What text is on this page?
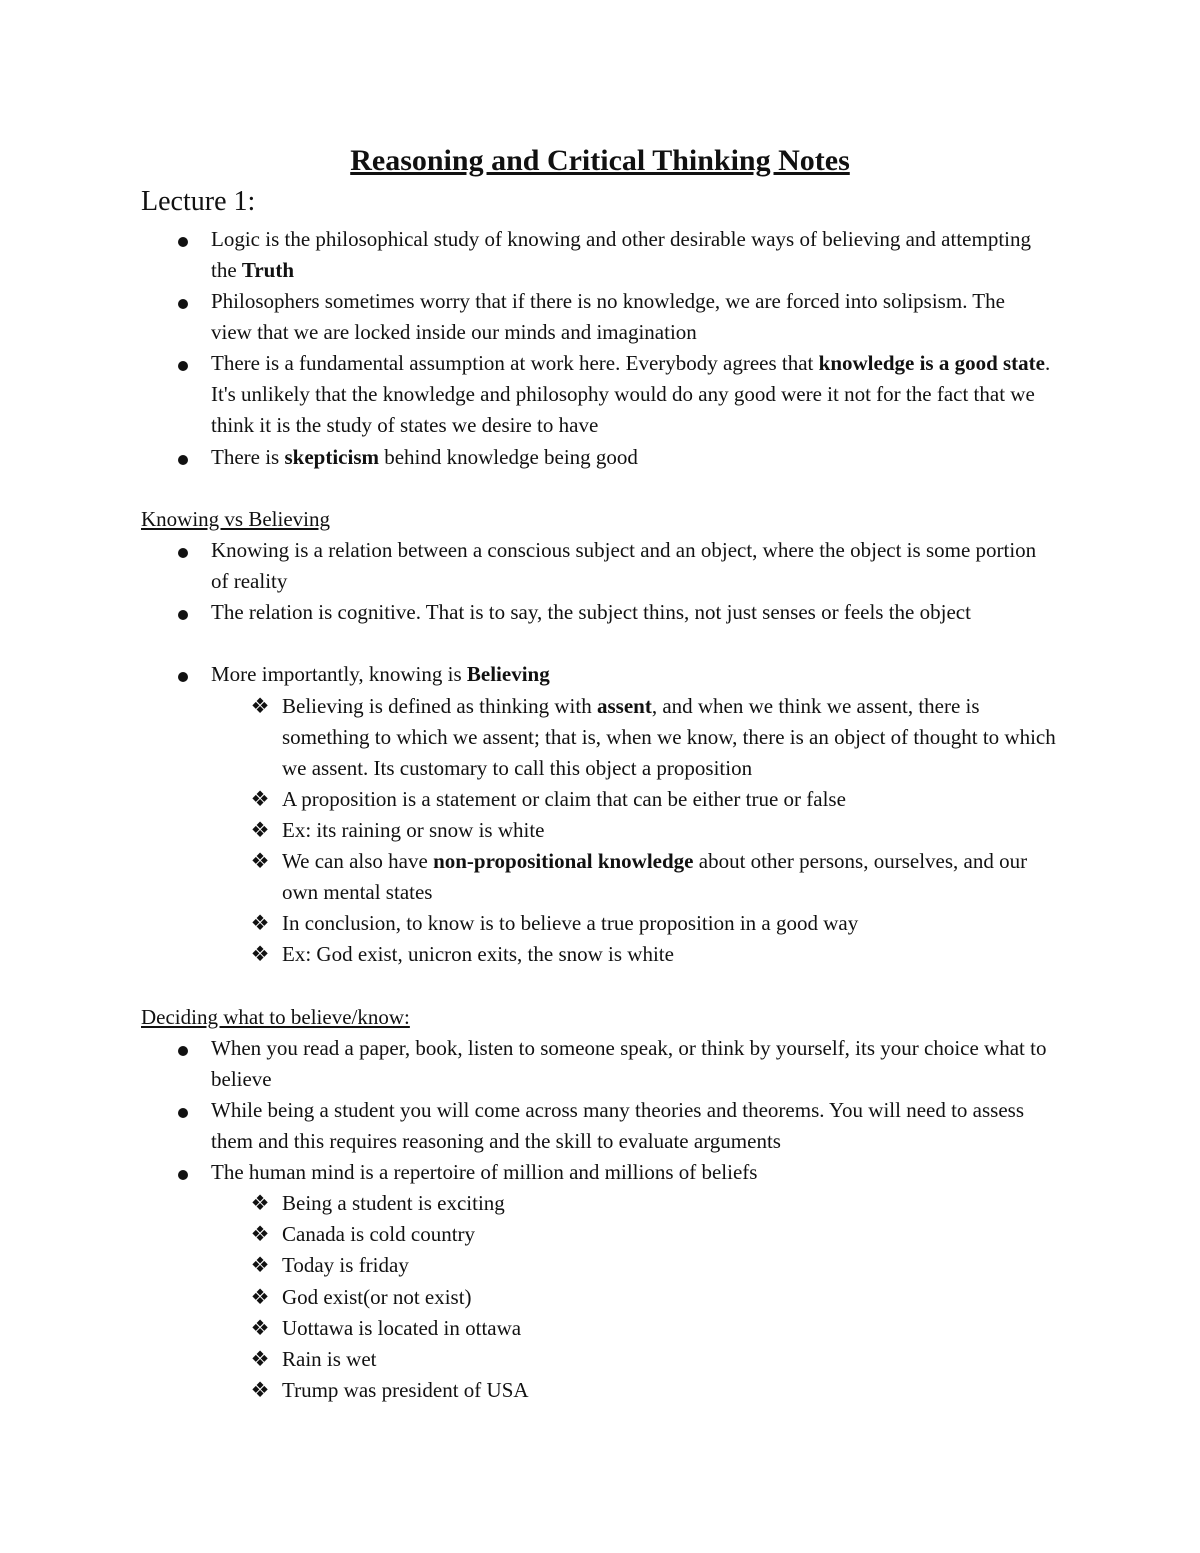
Reasoning and Critical Thinking Notes
Lecture 1:
Logic is the philosophical study of knowing and other desirable ways of believing and attempting the Truth
Philosophers sometimes worry that if there is no knowledge, we are forced into solipsism. The view that we are locked inside our minds and imagination
There is a fundamental assumption at work here. Everybody agrees that knowledge is a good state. It's unlikely that the knowledge and philosophy would do any good were it not for the fact that we think it is the study of states we desire to have
There is skepticism behind knowledge being good
Knowing vs Believing
Knowing is a relation between a conscious subject and an object, where the object is some portion of reality
The relation is cognitive. That is to say, the subject thins, not just senses or feels the object
More importantly, knowing is Believing
❖ Believing is defined as thinking with assent, and when we think we assent, there is something to which we assent; that is, when we know, there is an object of thought to which we assent. Its customary to call this object a proposition
❖ A proposition is a statement or claim that can be either true or false
❖ Ex: its raining or snow is white
❖ We can also have non-propositional knowledge about other persons, ourselves, and our own mental states
❖ In conclusion, to know is to believe a true proposition in a good way
❖ Ex: God exist, unicron exits, the snow is white
Deciding what to believe/know:
When you read a paper, book, listen to someone speak, or think by yourself, its your choice what to believe
While being a student you will come across many theories and theorems. You will need to assess them and this requires reasoning and the skill to evaluate arguments
The human mind is a repertoire of million and millions of beliefs
❖ Being a student is exciting
❖ Canada is cold country
❖ Today is friday
❖ God exist(or not exist)
❖ Uottawa is located in ottawa
❖ Rain is wet
❖ Trump was president of USA
